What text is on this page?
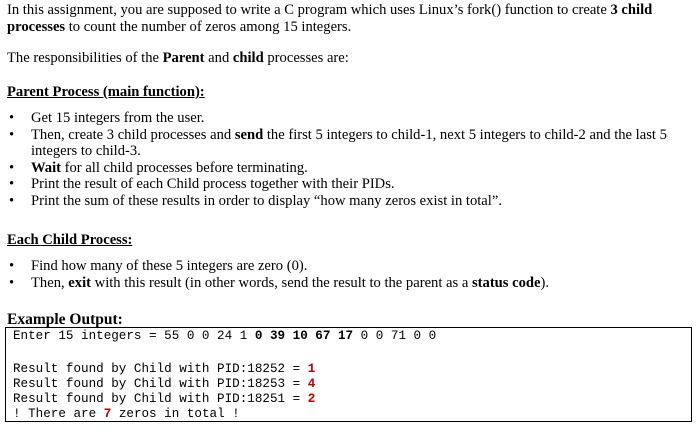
In this assignment, you are supposed to write a C program which uses Linux’s fork() function to create 3 child
processes to count the number of zeros among 15 integers.
The responsibilities of the Parent and child processes are:
Parent Process (main function):
• Get 15 integers from the user.
• Then, create 3 child processes and send the first 5 integers to child-1, next 5 integers to child-2 and the last 5
integers to child-3.
• Wait for all child processes before terminating.
• Print the result of each Child process together with their PIDs.
• Print the sum of these results in order to display “how many zeros exist in total”.
Each Child Process:
• Find how many of these 5 integers are zero (0).
• Then, exit with this result (in other words, send the result to the parent as a status code).
Example Output:
Enter 15 integers = 55 0 0 24 1 0 39 10 67 17 0 0 71 0 0
Result found by Child with PID:18252 = 1
Result found by Child with PID:18253 = 4
Result found by Child with PID:18251 = 2
! There are 7 zeros in total !
